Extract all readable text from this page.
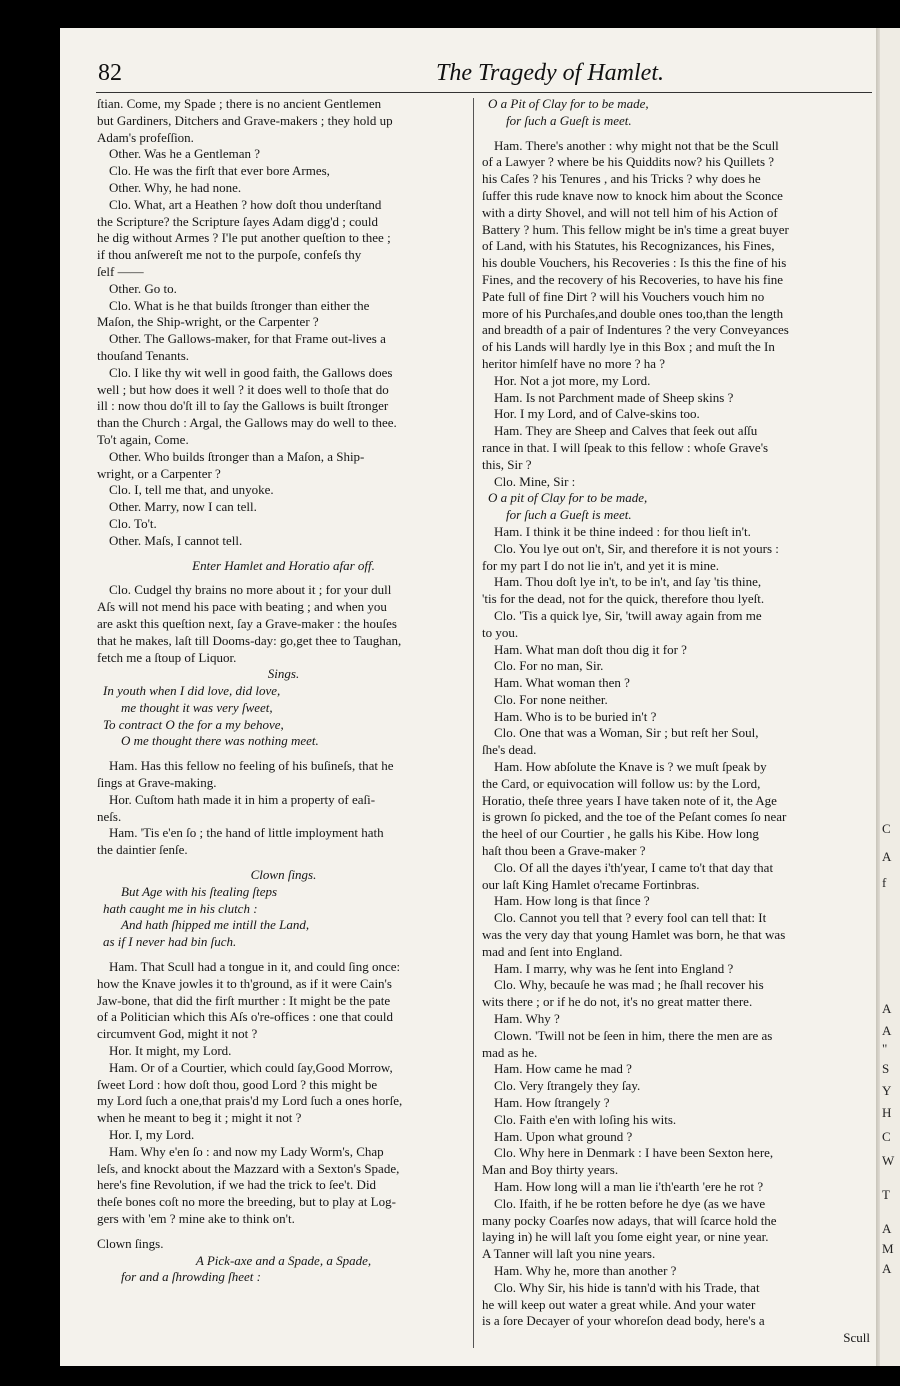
82	The Tragedy of Hamlet.
ſtian. Come, my Spade ; there is no ancient Gentlemen
but Gardiners, Ditchers and Grave-makers ; they hold up
Adam's profeſſion.
Other. Was he a Gentleman ?
Clo. He was the firſt that ever bore Armes,
Other. Why, he had none.
Clo. What, art a Heathen ? how doſt thou underſtand
the Scripture? the Scripture ſayes Adam digg'd ; could
he dig without Armes ? I'le put another queſtion to thee ;
if thou anſwereſt me not to the purpoſe, confeſs thy
ſelf ——
Other. Go to.
Clo. What is he that builds ſtronger than either the
Maſon, the Ship-wright, or the Carpenter ?
Other. The Gallows-maker, for that Frame out-lives a
thouſand Tenants.
Clo. I like thy wit well in good faith, the Gallows does
well ; but how does it well ? it does well to thoſe that do
ill : now thou do'ſt ill to ſay the Gallows is built ſtronger
than the Church : Argal, the Gallows may do well to thee.
To't again, Come.
Other. Who builds ſtronger than a Maſon, a Ship-
wright, or a Carpenter ?
Clo. I, tell me that, and unyoke.
Other. Marry, now I can tell.
Clo. To't.
Other. Maſs, I cannot tell.
Enter Hamlet and Horatio afar off.
Clo. Cudgel thy brains no more about it ; for your dull
Aſs will not mend his pace with beating ; and when you
are askt this queſtion next, ſay a Grave-maker : the houſes
that he makes, laſt till Dooms-day: go,get thee to Taughan,
fetch me a ſtoup of Liquor.
Sings.
In youth when I did love, did love,
me thought it was very ſweet,
To contract O the for a my behove,
O me thought there was nothing meet.
Ham. Has this fellow no feeling of his buſineſs, that he
ſings at Grave-making.
Hor. Cuſtom hath made it in him a property of eaſi-
neſs.
Ham. 'Tis e'en ſo ; the hand of little imployment hath
the daintier ſenſe.
Clown ſings.
But Age with his ſtealing ſteps
hath caught me in his clutch :
And hath ſhipped me intill the Land,
as if I never had bin ſuch.
Ham. That Scull had a tongue in it, and could ſing once:
how the Knave jowles it to th'ground, as if it were Cain's
Jaw-bone, that did the firſt murther : It might be the pate
of a Politician which this Aſs o're-offices : one that could
circumvent God, might it not ?
Hor. It might, my Lord.
Ham. Or of a Courtier, which could ſay,Good Morrow,
ſweet Lord : how doſt thou, good Lord ? this might be
my Lord ſuch a one,that prais'd my Lord ſuch a ones horſe,
when he meant to beg it ; might it not ?
Hor. I, my Lord.
Ham. Why e'en ſo : and now my Lady Worm's, Chap
leſs, and knockt about the Mazzard with a Sexton's Spade,
here's fine Revolution, if we had the trick to ſee't. Did
theſe bones coſt no more the breeding, but to play at Log-
gers with 'em ? mine ake to think on't.
Clown ſings.
A Pick-axe and a Spade, a Spade,
for and a ſhrowding ſheet :
O a Pit of Clay for to be made,
for ſuch a Gueſt is meet.
Ham. There's another : why might not that be the Scull
of a Lawyer ? where be his Quiddits now? his Quillets ?
his Caſes ? his Tenures , and his Tricks ? why does he
ſuffer this rude knave now to knock him about the Sconce
with a dirty Shovel, and will not tell him of his Action of
Battery ? hum. This fellow might be in's time a great buyer
of Land, with his Statutes, his Recognizances, his Fines,
his double Vouchers, his Recoveries : Is this the fine of his
Fines, and the recovery of his Recoveries, to have his fine
Pate full of fine Dirt ? will his Vouchers vouch him no
more of his Purchaſes,and double ones too,than the length
and breadth of a pair of Indentures ? the very Conveyances
of his Lands will hardly lye in this Box ; and muſt the In
heritor himſelf have no more ? ha ?
Hor. Not a jot more, my Lord.
Ham. Is not Parchment made of Sheep skins ?
Hor. I my Lord, and of Calve-skins too.
Ham. They are Sheep and Calves that ſeek out aſſu
rance in that. I will ſpeak to this fellow : whoſe Grave's
this, Sir ?
Clo. Mine, Sir :
O a pit of Clay for to be made,
for ſuch a Gueſt is meet.
Ham. I think it be thine indeed : for thou lieſt in't.
Clo. You lye out on't, Sir, and therefore it is not yours :
for my part I do not lie in't, and yet it is mine.
Ham. Thou doſt lye in't, to be in't, and ſay 'tis thine,
'tis for the dead, not for the quick, therefore thou lyeſt.
Clo. 'Tis a quick lye, Sir, 'twill away again from me
to you.
Ham. What man doſt thou dig it for ?
Clo. For no man, Sir.
Ham. What woman then ?
Clo. For none neither.
Ham. Who is to be buried in't ?
Clo. One that was a Woman, Sir ; but reſt her Soul,
ſhe's dead.
Ham. How abſolute the Knave is ? we muſt ſpeak by
the Card, or equivocation will follow us: by the Lord,
Horatio, theſe three years I have taken note of it, the Age
is grown ſo picked, and the toe of the Peſant comes ſo near
the heel of our Courtier , he galls his Kibe. How long
haſt thou been a Grave-maker ?
Clo. Of all the dayes i'th'year, I came to't that day that
our laſt King Hamlet o'recame Fortinbras.
Ham. How long is that ſince ?
Clo. Cannot you tell that ? every fool can tell that: It
was the very day that young Hamlet was born, he that was
mad and ſent into England.
Ham. I marry, why was he ſent into England ?
Clo. Why, becauſe he was mad ; he ſhall recover his
wits there ; or if he do not, it's no great matter there.
Ham. Why ?
Clown. 'Twill not be ſeen in him, there the men are as
mad as he.
Ham. How came he mad ?
Clo. Very ſtrangely they ſay.
Ham. How ſtrangely ?
Clo. Faith e'en with loſing his wits.
Ham. Upon what ground ?
Clo. Why here in Denmark : I have been Sexton here,
Man and Boy thirty years.
Ham. How long will a man lie i'th'earth 'ere he rot ?
Clo. Ifaith, if he be rotten before he dye (as we have
many pocky Coarſes now adays, that will ſcarce hold the
laying in) he will laſt you ſome eight year, or nine year.
A Tanner will laſt you nine years.
Ham. Why he, more than another ?
Clo. Why Sir, his hide is tann'd with his Trade, that
he will keep out water a great while. And your water
is a ſore Decayer of your whoreſon dead body, here's a
Scull
C
A
f
A
A
"
S
Y
H
C
W
T
A
M
A
